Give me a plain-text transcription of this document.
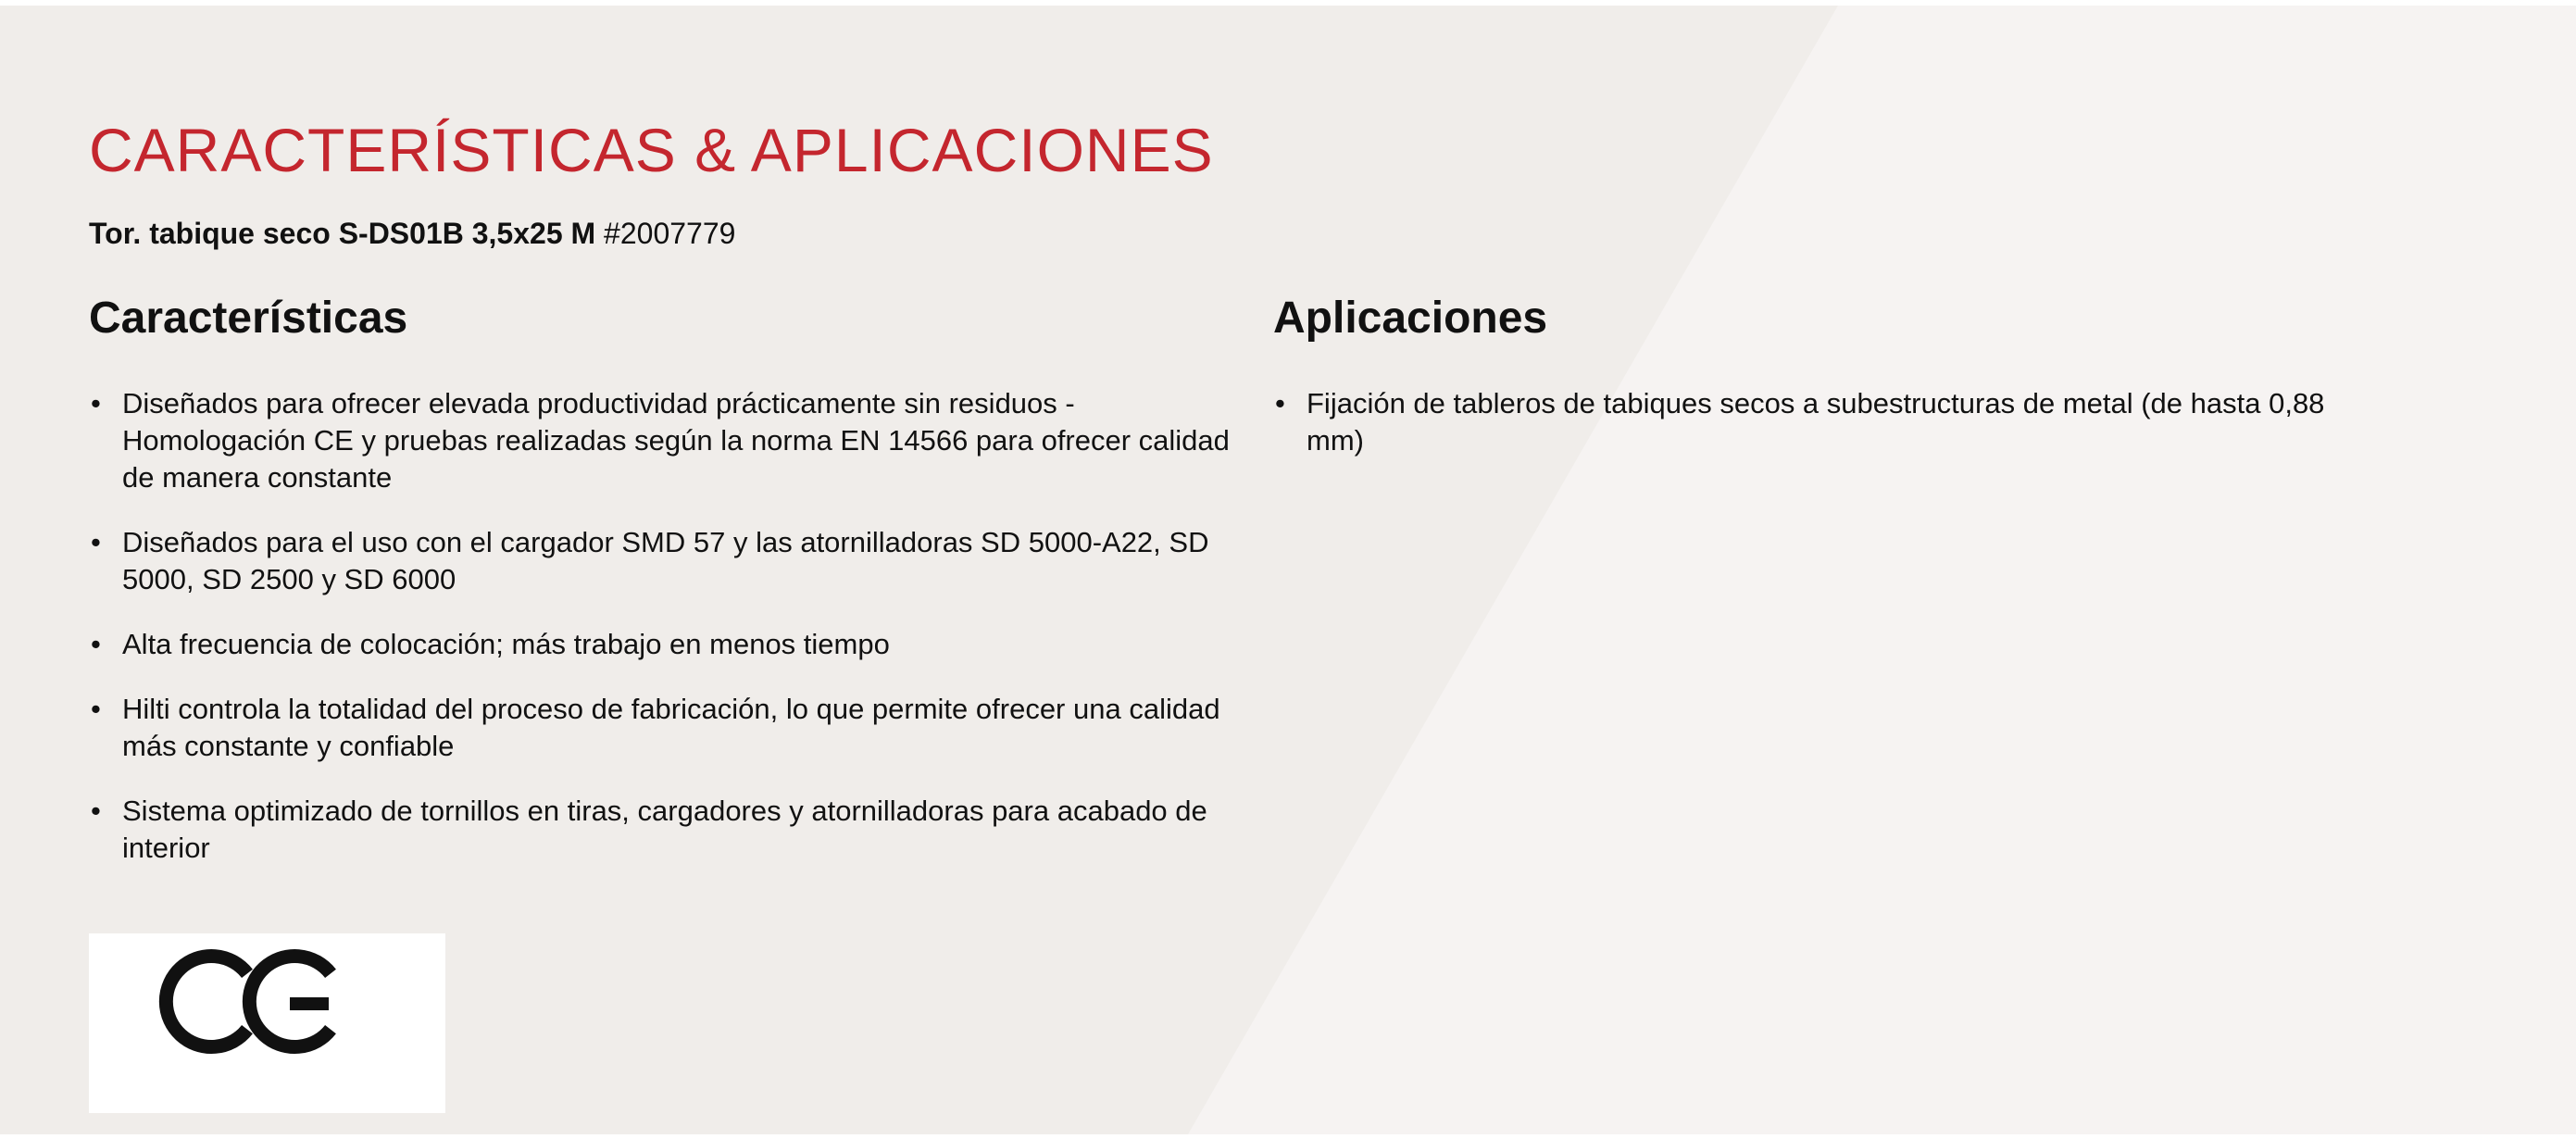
CARACTERÍSTICAS & APLICACIONES

Tor. tabique seco S-DS01B 3,5x25 M #2007779

Características
• Diseñados para ofrecer elevada productividad prácticamente sin residuos - Homologación CE y pruebas realizadas según la norma EN 14566 para ofrecer calidad de manera constante
• Diseñados para el uso con el cargador SMD 57 y las atornilladoras SD 5000-A22, SD 5000, SD 2500 y SD 6000
• Alta frecuencia de colocación; más trabajo en menos tiempo
• Hilti controla la totalidad del proceso de fabricación, lo que permite ofrecer una calidad más constante y confiable
• Sistema optimizado de tornillos en tiras, cargadores y atornilladoras para acabado de interior
Aplicaciones
• Fijación de tableros de tabiques secos a subestructuras de metal (de hasta 0,88 mm)
